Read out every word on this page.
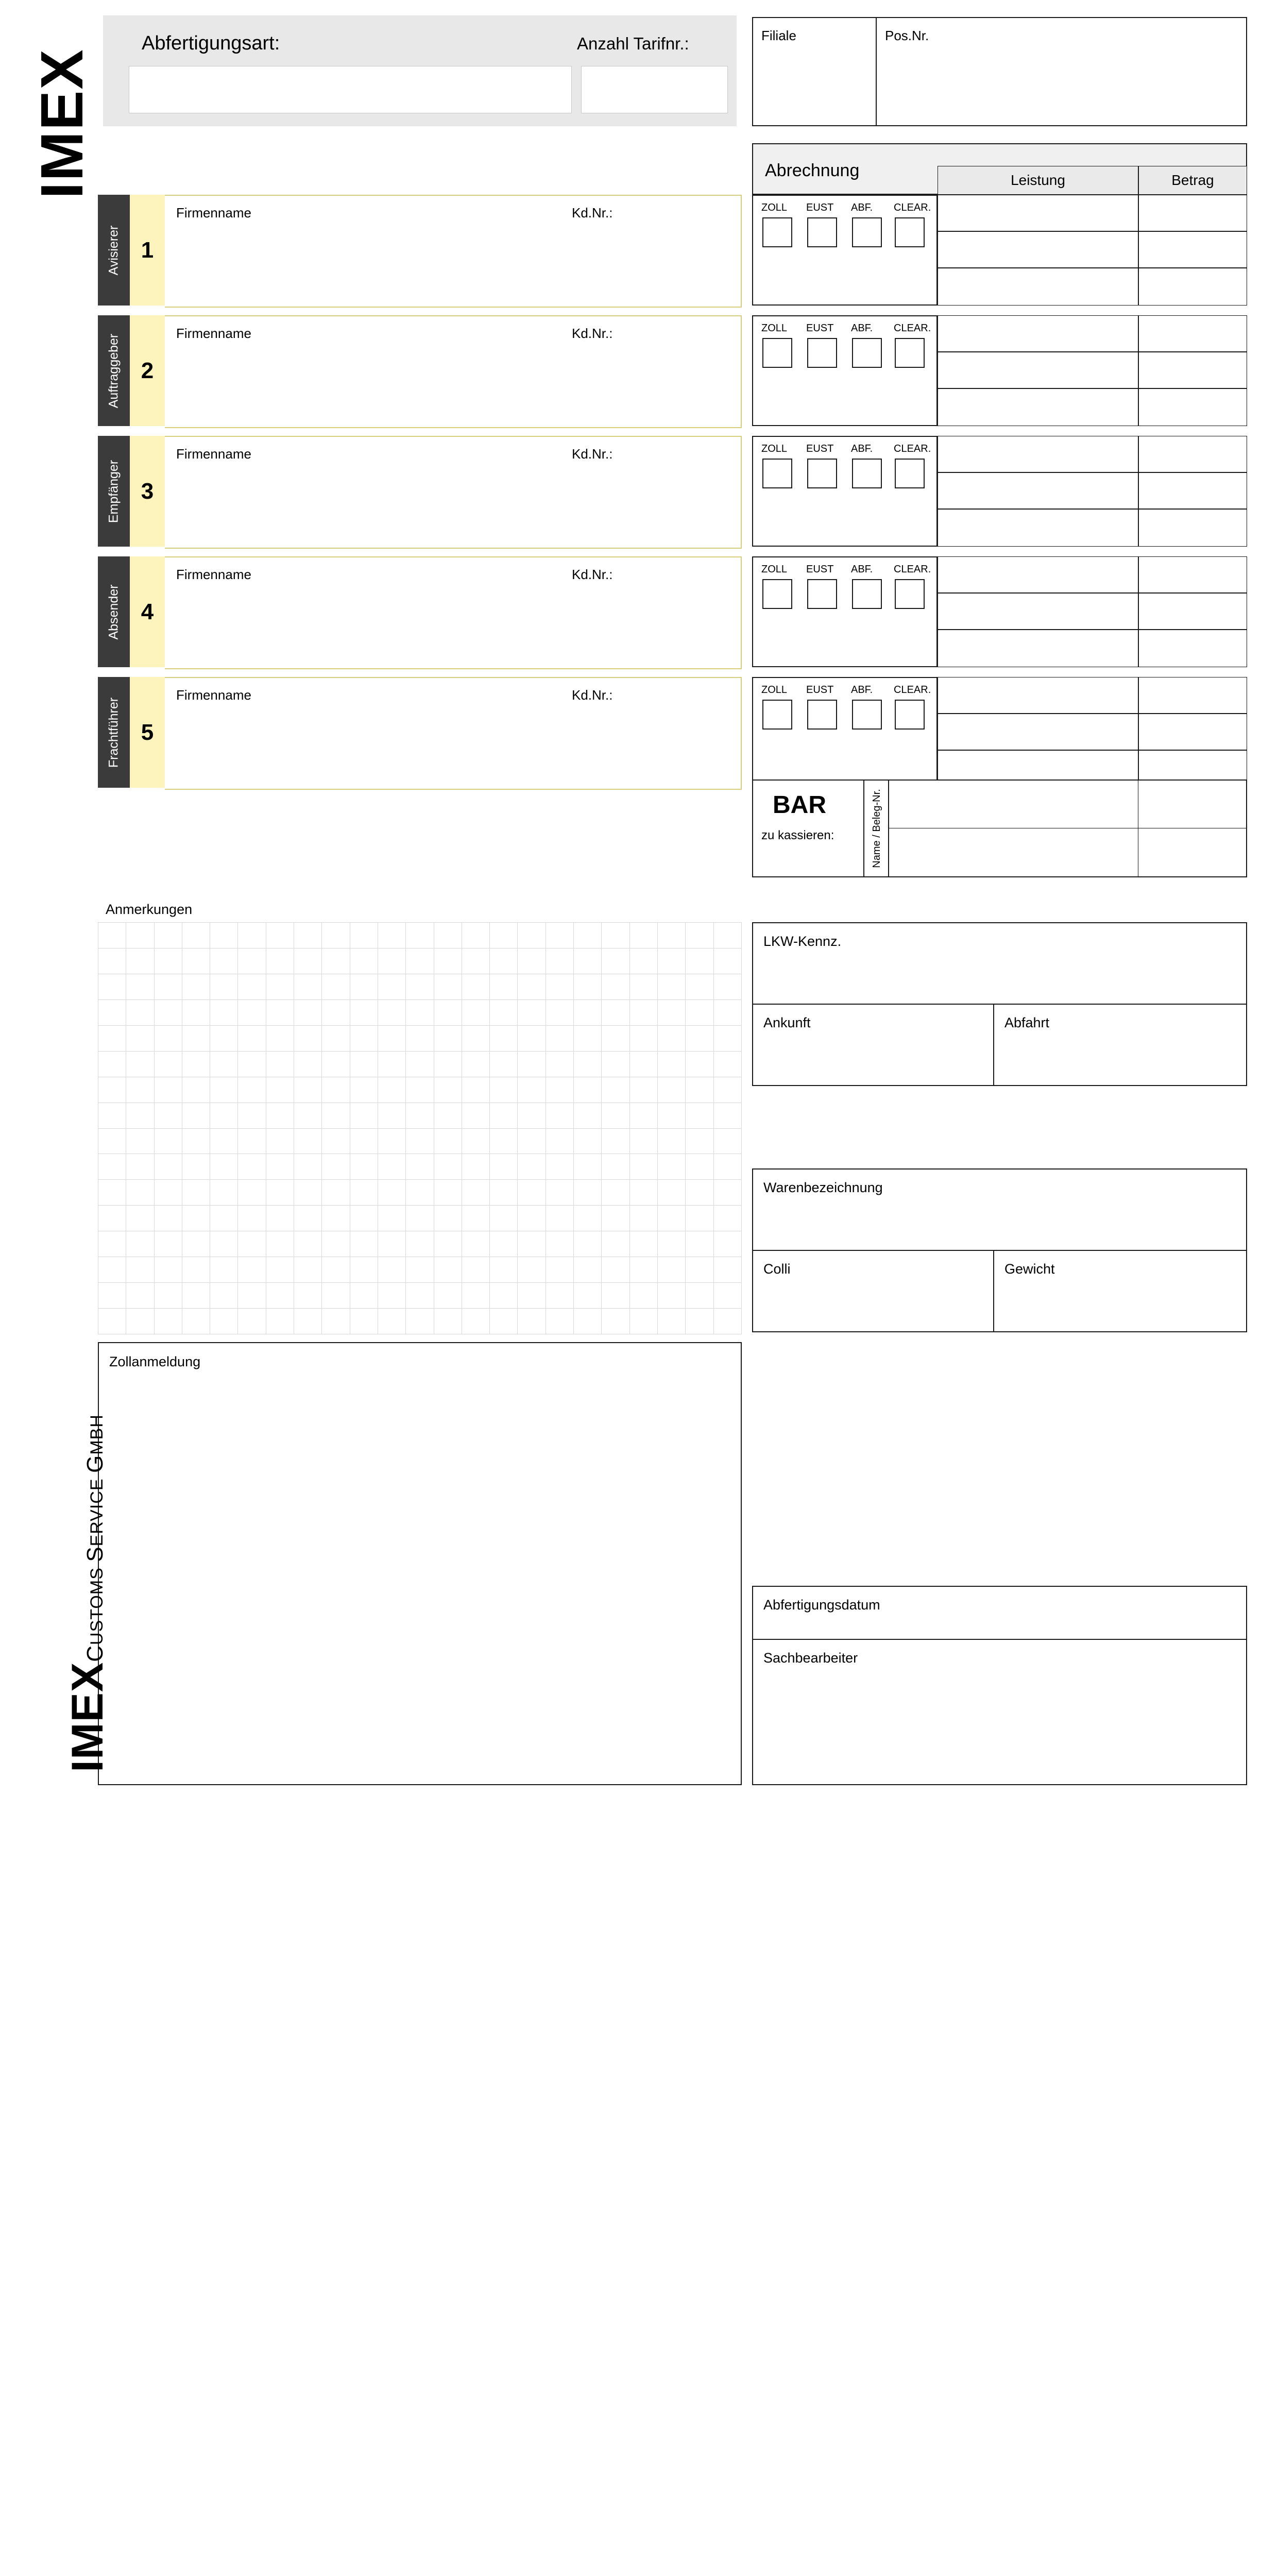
IMEX
Abfertigungsart:	Anzahl Tarifnr.:	Filiale	Pos.Nr.
Abrechnung	Leistung	Betrag
Avisierer 1
Firmenname	Kd.Nr.:	ZOLL EUST ABF. CLEAR.
Auftraggeber 2
Firmenname	Kd.Nr.:	ZOLL EUST ABF. CLEAR.
Empfänger 3
Firmenname	Kd.Nr.:	ZOLL EUST ABF. CLEAR.
Absender 4
Firmenname	Kd.Nr.:	ZOLL EUST ABF. CLEAR.
Frachtführer 5
Firmenname	Kd.Nr.:	ZOLL EUST ABF. CLEAR.
BAR
zu kassieren:	Name / Beleg-Nr.
Anmerkungen

Zollanmeldung
LKW-Kennz.
Ankunft	Abfahrt
Warenbezeichnung
Colli	Gewicht
Abfertigungsdatum
Sachbearbeiter
IMEX
CUSTOMS SERVICE GMBH
